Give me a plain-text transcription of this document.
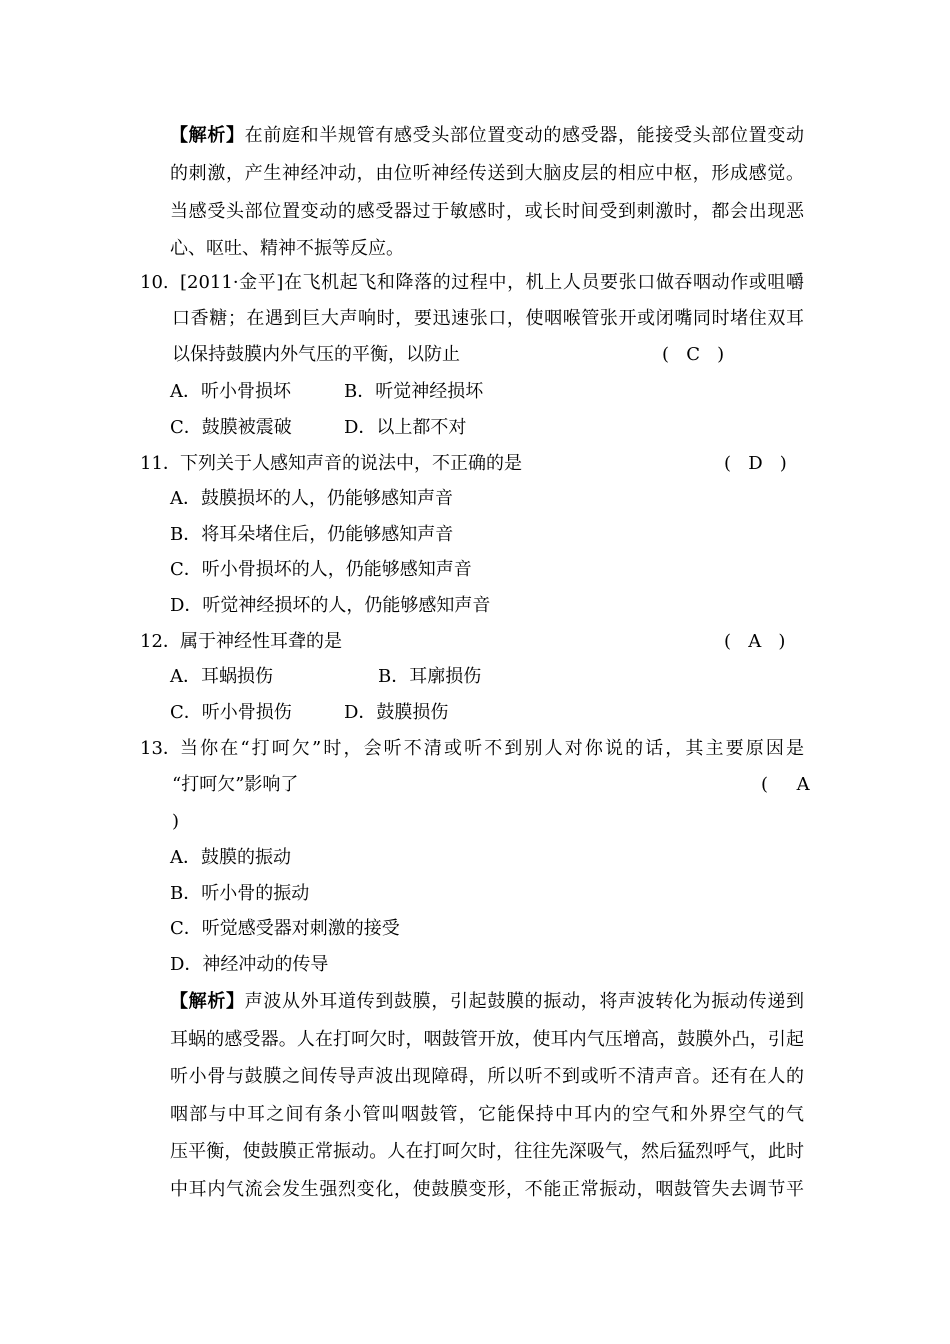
【解析】在前庭和半规管有感受头部位置变动的感受器，能接受头部位置变动
的刺激，产生神经冲动，由位听神经传送到大脑皮层的相应中枢，形成感觉。
当感受头部位置变动的感受器过于敏感时，或长时间受到刺激时，都会出现恶
心、呕吐、精神不振等反应。
10. [2011·金平]在飞机起飞和降落的过程中，机上人员要张口做吞咽动作或咀嚼
口香糖；在遇到巨大声响时，要迅速张口，使咽喉管张开或闭嘴同时堵住双耳
以保持鼓膜内外气压的平衡，以防止	(   C   )
A．听小骨损坏	B．听觉神经损坏
C．鼓膜被震破	D．以上都不对
11． 下列关于人感知声音的说法中，不正确的是	(   D   )
A．鼓膜损坏的人，仍能够感知声音
B．将耳朵堵住后，仍能够感知声音
C．听小骨损坏的人，仍能够感知声音
D．听觉神经损坏的人，仍能够感知声音
12． 属于神经性耳聋的是	(   A   )
A．耳蜗损伤	B．耳廓损伤
C．听小骨损伤	D．鼓膜损伤
13． 当你在“打呵欠”时，会听不清或听不到别人对你说的话，其主要原因是
“打呵欠”影响了	(     A
)
A．鼓膜的振动
B．听小骨的振动
C．听觉感受器对刺激的接受
D．神经冲动的传导
【解析】声波从外耳道传到鼓膜，引起鼓膜的振动，将声波转化为振动传递到
耳蜗的感受器。人在打呵欠时，咽鼓管开放，使耳内气压增高，鼓膜外凸，引起
听小骨与鼓膜之间传导声波出现障碍，所以听不到或听不清声音。还有在人的
咽部与中耳之间有条小管叫咽鼓管，它能保持中耳内的空气和外界空气的气
压平衡，使鼓膜正常振动。人在打呵欠时，往往先深吸气，然后猛烈呼气，此时
中耳内气流会发生强烈变化，使鼓膜变形，不能正常振动，咽鼓管失去调节平
